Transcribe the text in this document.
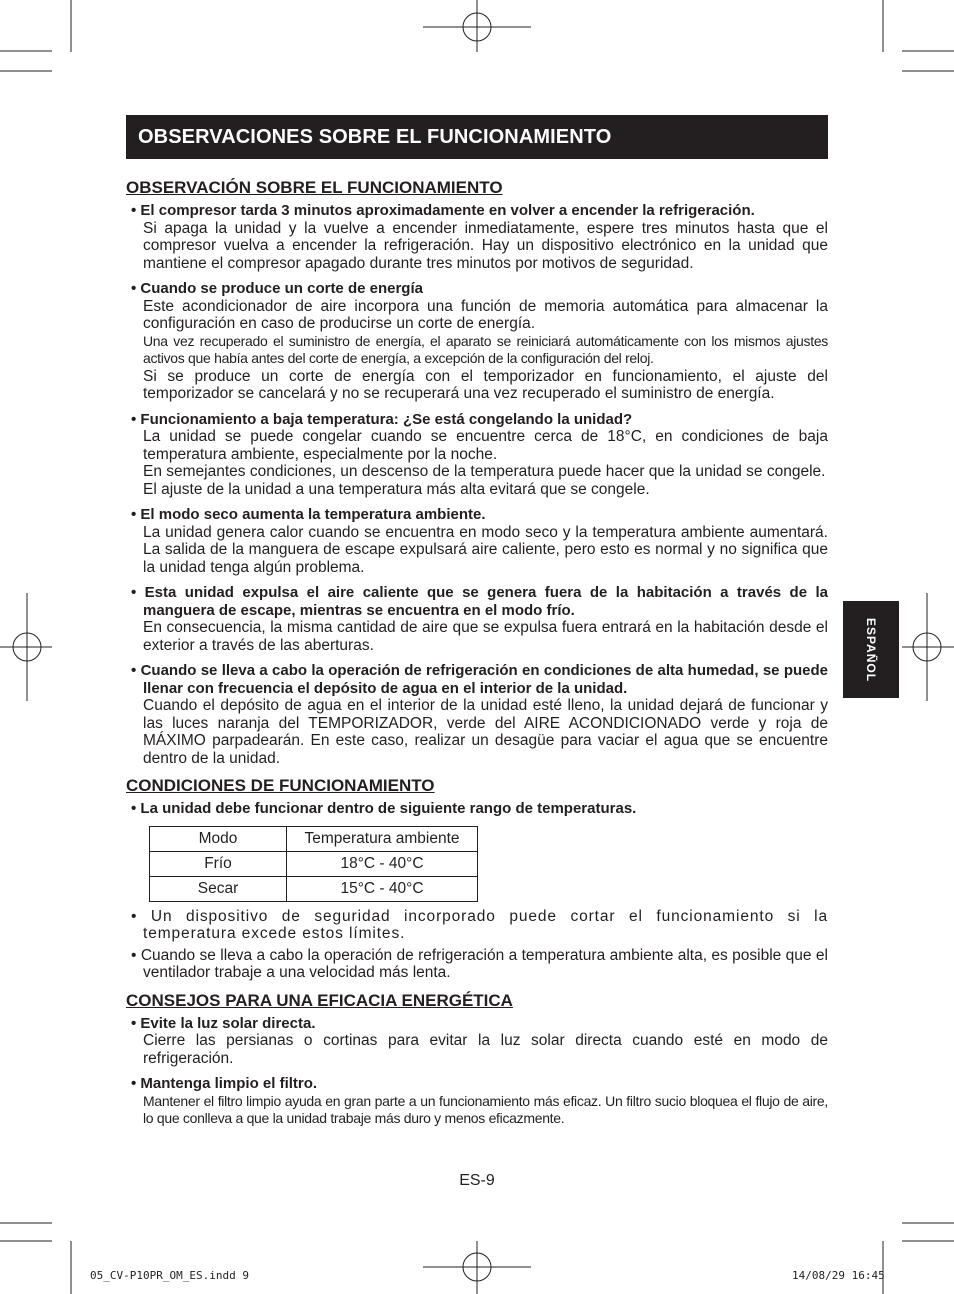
OBSERVACIONES SOBRE EL FUNCIONAMIENTO
OBSERVACIÓN SOBRE EL FUNCIONAMIENTO
• El compresor tarda 3 minutos aproximadamente en volver a encender la refrigeración.
Si apaga la unidad y la vuelve a encender inmediatamente, espere tres minutos hasta que el compresor vuelva a encender la refrigeración. Hay un dispositivo electrónico en la unidad que mantiene el compresor apagado durante tres minutos por motivos de seguridad.
• Cuando se produce un corte de energía
Este acondicionador de aire incorpora una función de memoria automática para almacenar la configuración en caso de producirse un corte de energía.
Una vez recuperado el suministro de energía, el aparato se reiniciará automáticamente con los mismos ajustes activos que había antes del corte de energía, a excepción de la configuración del reloj.
Si se produce un corte de energía con el temporizador en funcionamiento, el ajuste del temporizador se cancelará y no se recuperará una vez recuperado el suministro de energía.
• Funcionamiento a baja temperatura: ¿Se está congelando la unidad?
La unidad se puede congelar cuando se encuentre cerca de 18°C, en condiciones de baja temperatura ambiente, especialmente por la noche.
En semejantes condiciones, un descenso de la temperatura puede hacer que la unidad se congele.
El ajuste de la unidad a una temperatura más alta evitará que se congele.
• El modo seco aumenta la temperatura ambiente.
La unidad genera calor cuando se encuentra en modo seco y la temperatura ambiente aumentará. La salida de la manguera de escape expulsará aire caliente, pero esto es normal y no significa que la unidad tenga algún problema.
• Esta unidad expulsa el aire caliente que se genera fuera de la habitación a través de la manguera de escape, mientras se encuentra en el modo frío.
En consecuencia, la misma cantidad de aire que se expulsa fuera entrará en la habitación desde el exterior a través de las aberturas.
• Cuando se lleva a cabo la operación de refrigeración en condiciones de alta humedad, se puede llenar con frecuencia el depósito de agua en el interior de la unidad.
Cuando el depósito de agua en el interior de la unidad esté lleno, la unidad dejará de funcionar y las luces naranja del TEMPORIZADOR, verde del AIRE ACONDICIONADO verde y roja de MÁXIMO parpadearán. En este caso, realizar un desagüe para vaciar el agua que se encuentre dentro de la unidad.
CONDICIONES DE FUNCIONAMIENTO
• La unidad debe funcionar dentro de siguiente rango de temperaturas.
Modo	Temperatura ambiente
Frío	18°C - 40°C
Secar	15°C - 40°C
• Un dispositivo de seguridad incorporado puede cortar el funcionamiento si la temperatura excede estos límites.
• Cuando se lleva a cabo la operación de refrigeración a temperatura ambiente alta, es posible que el ventilador trabaje a una velocidad más lenta.
CONSEJOS PARA UNA EFICACIA ENERGÉTICA
• Evite la luz solar directa.
Cierre las persianas o cortinas para evitar la luz solar directa cuando esté en modo de refrigeración.
• Mantenga limpio el filtro.
Mantener el filtro limpio ayuda en gran parte a un funcionamiento más eficaz. Un filtro sucio bloquea el flujo de aire, lo que conlleva a que la unidad trabaje más duro y menos eficazmente.
ESPAÑOL
ES-9
05_CV-P10PR_OM_ES.indd 9	14/08/29 16:45
